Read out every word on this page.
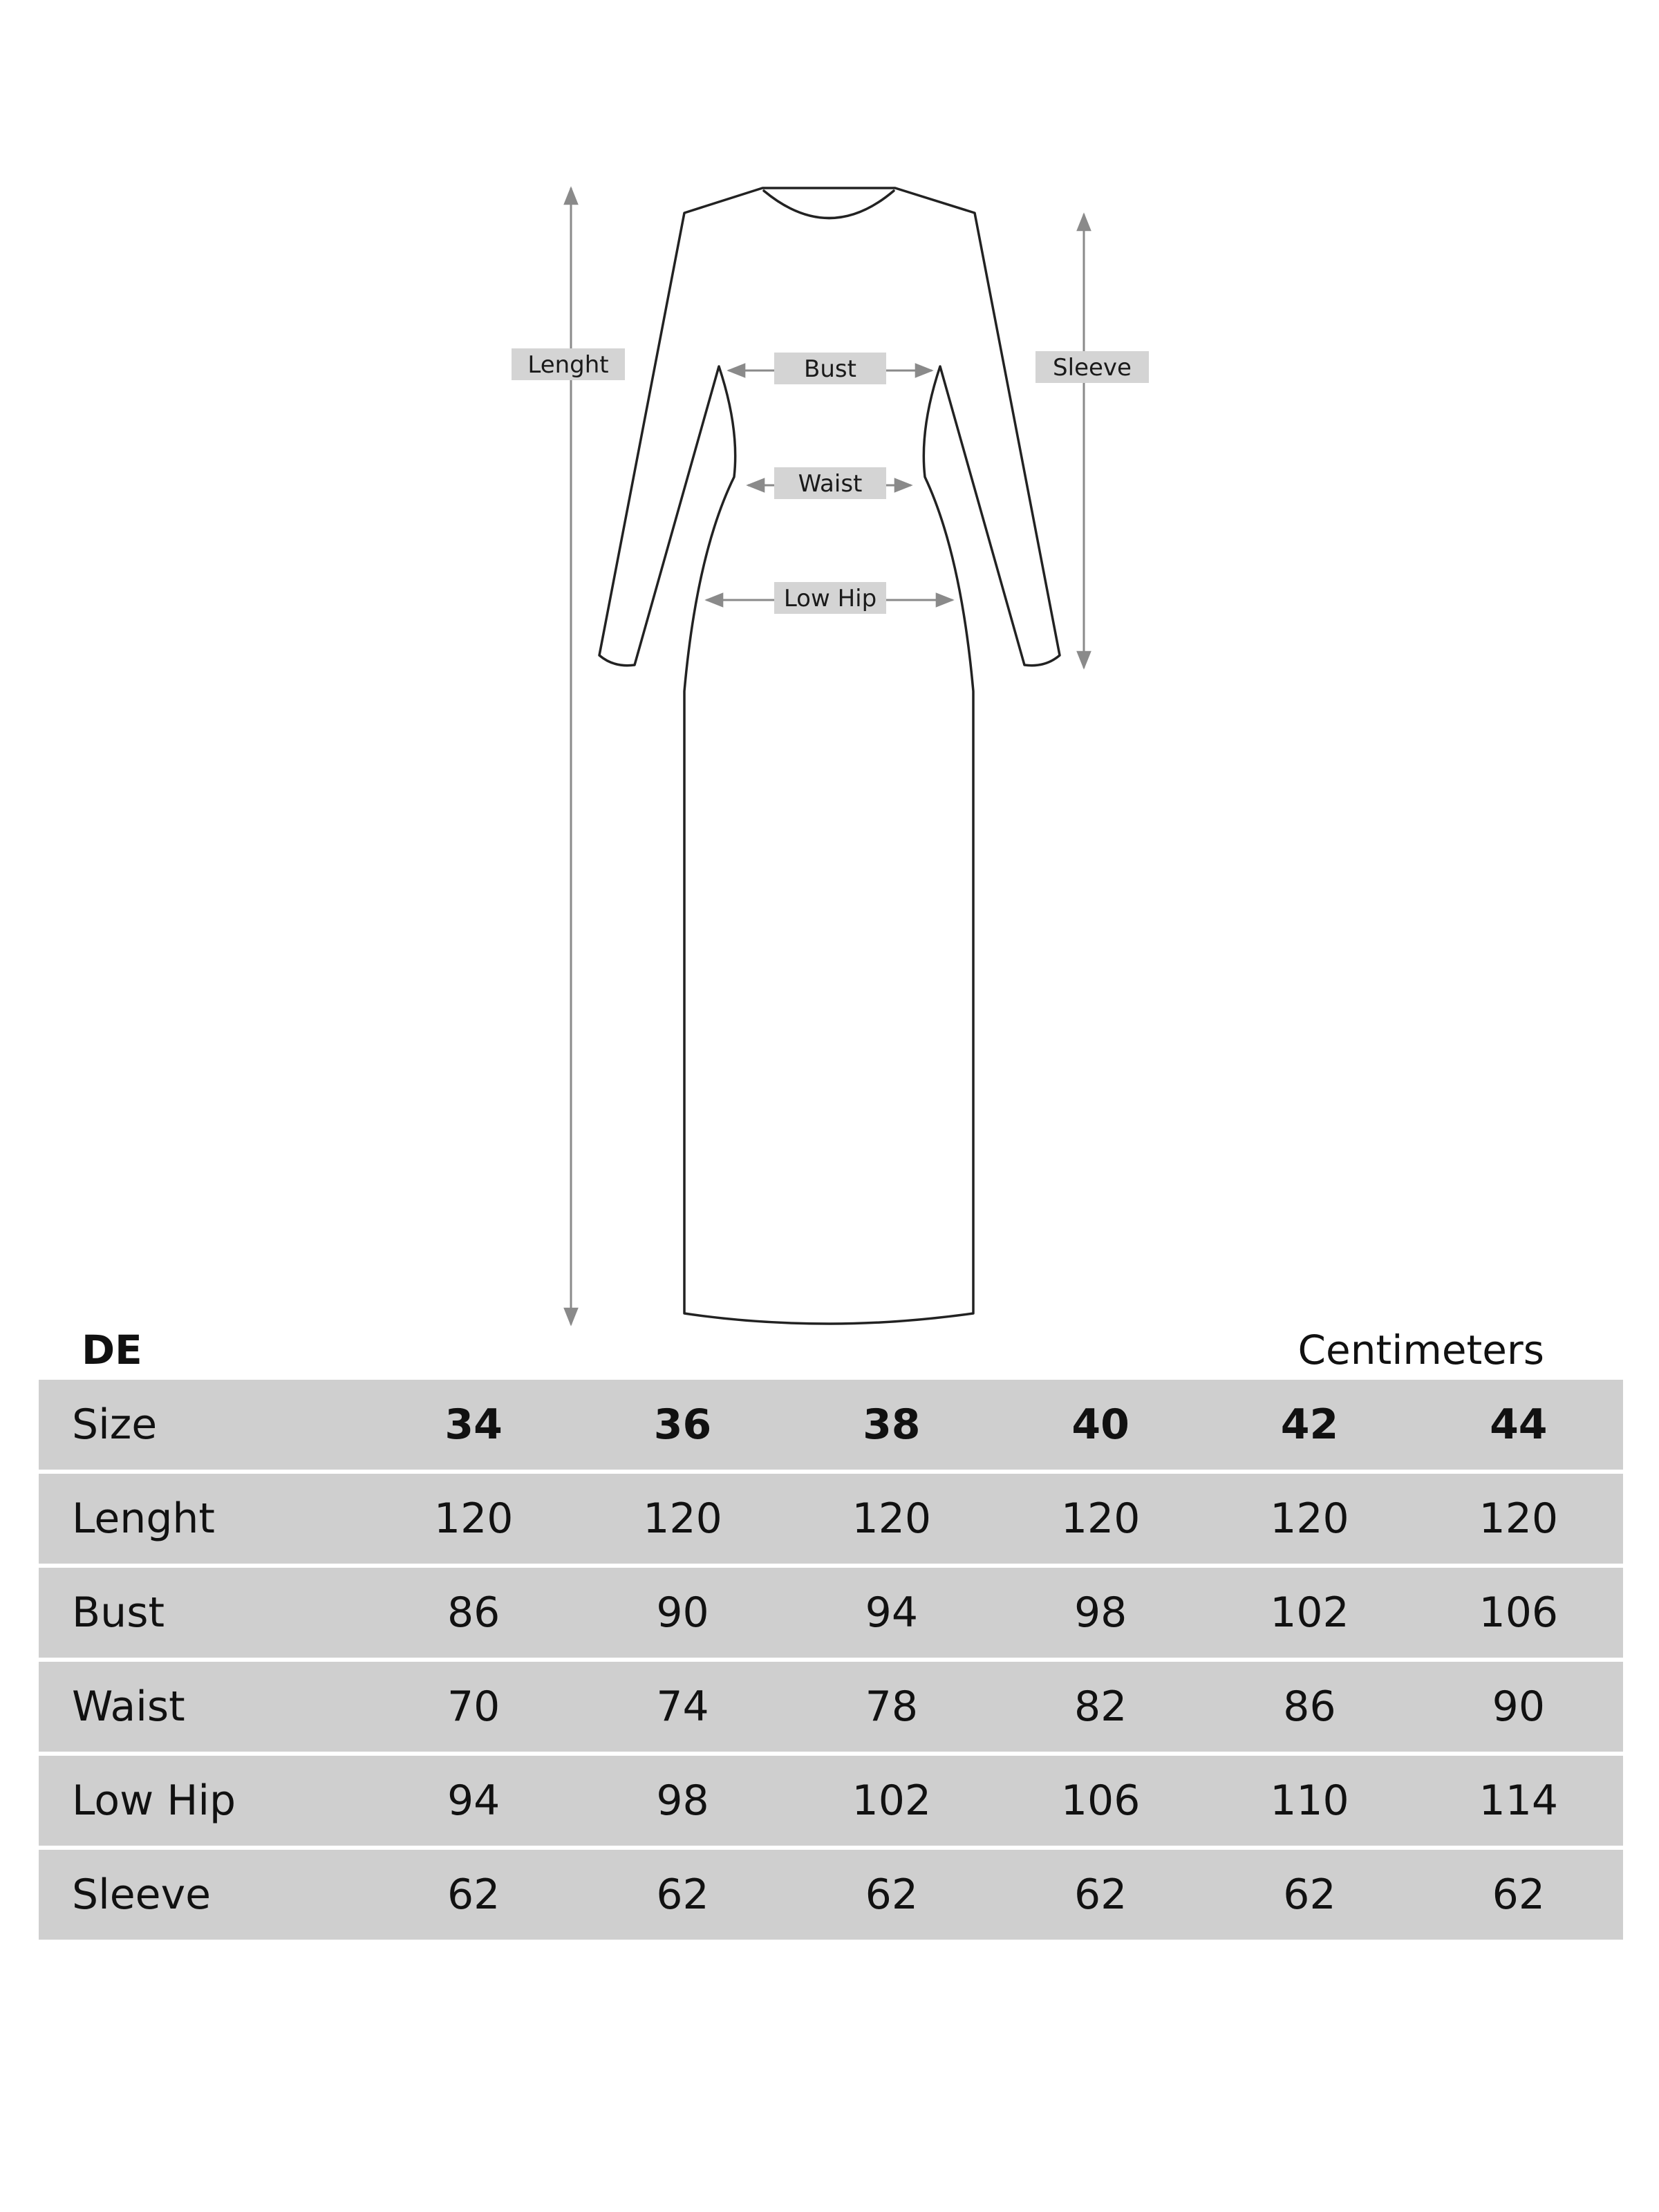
Lenght	Sleeve
Bust
Waist
Low Hip
DE	Centimeters
Size	34	36	38	40	42	44
Lenght	120	120	120	120	120	120
Bust	86	90	94	98	102	106
Waist	70	74	78	82	86	90
Low Hip	94	98	102	106	110	114
Sleeve	62	62	62	62	62	62
